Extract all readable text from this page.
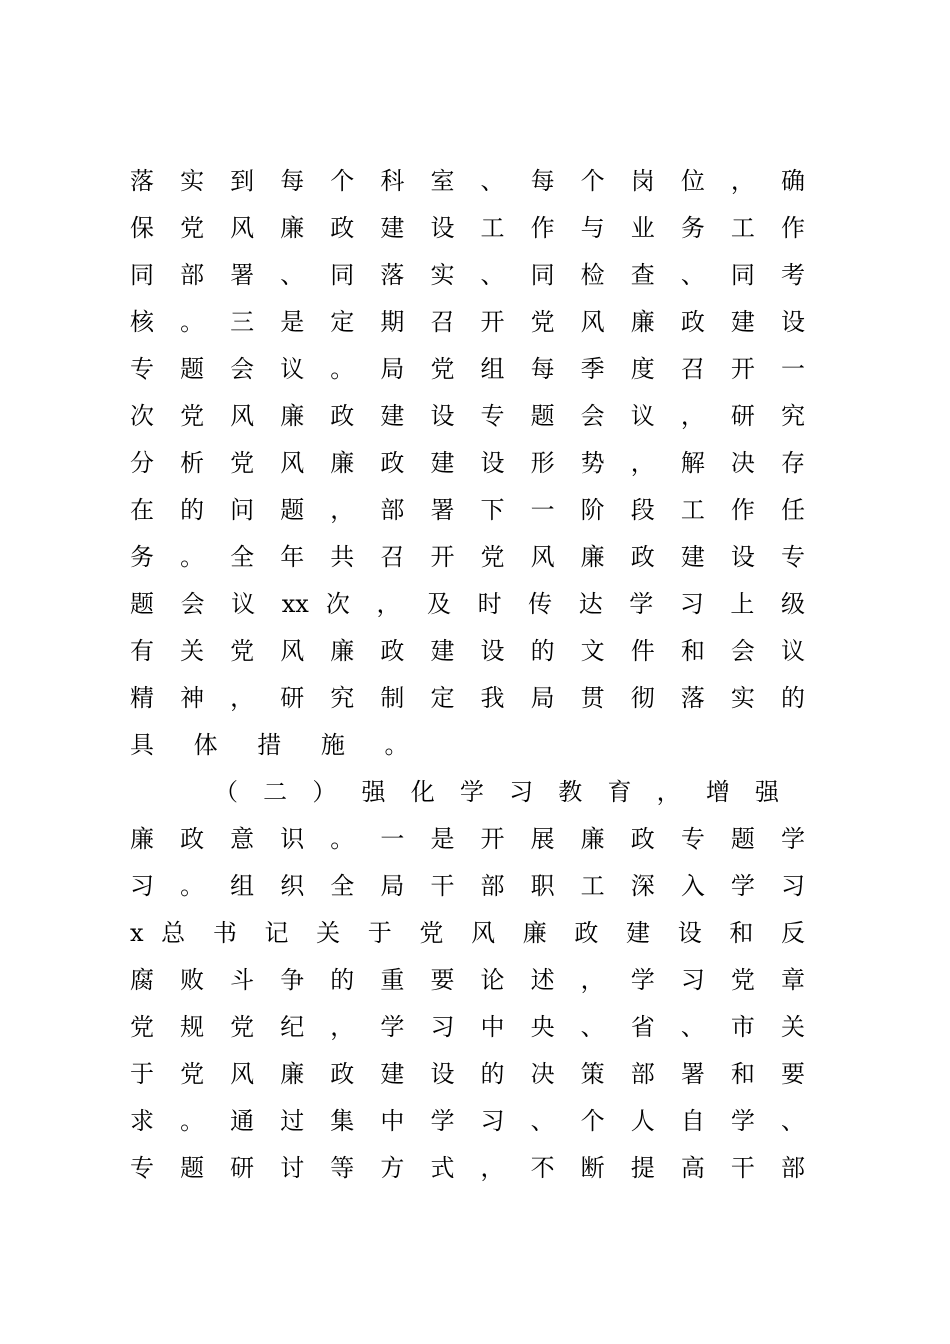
落 实 到 每 个 科 室 、 每 个 岗 位 ， 确
保 党 风 廉 政 建 设 工 作 与 业 务 工 作
同 部 署 、 同 落 实 、 同 检 查 、 同 考
核 。 三 是 定 期 召 开 党 风 廉 政 建 设
专 题 会 议 。 局 党 组 每 季 度 召 开 一
次 党 风 廉 政 建 设 专 题 会 议 ， 研 究
分 析 党 风 廉 政 建 设 形 势 ， 解 决 存
在 的 问 题 ， 部 署 下 一 阶 段 工 作 任
务 。 全 年 共 召 开 党 风 廉 政 建 设 专
题 会 议 xx 次 ， 及 时 传 达 学 习 上 级
有 关 党 风 廉 政 建 设 的 文 件 和 会 议
精 神 ， 研 究 制 定 我 局 贯 彻 落 实 的
具 体 措 施 。
（ 二 ） 强 化 学 习 教 育 ， 增 强
廉 政 意 识 。 一 是 开 展 廉 政 专 题 学
习 。 组 织 全 局 干 部 职 工 深 入 学 习
x 总 书 记 关 于 党 风 廉 政 建 设 和 反
腐 败 斗 争 的 重 要 论 述 ， 学 习 党 章
党 规 党 纪 ， 学 习 中 央 、 省 、 市 关
于 党 风 廉 政 建 设 的 决 策 部 署 和 要
求 。 通 过 集 中 学 习 、 个 人 自 学 、
专 题 研 讨 等 方 式 ， 不 断 提 高 干 部
